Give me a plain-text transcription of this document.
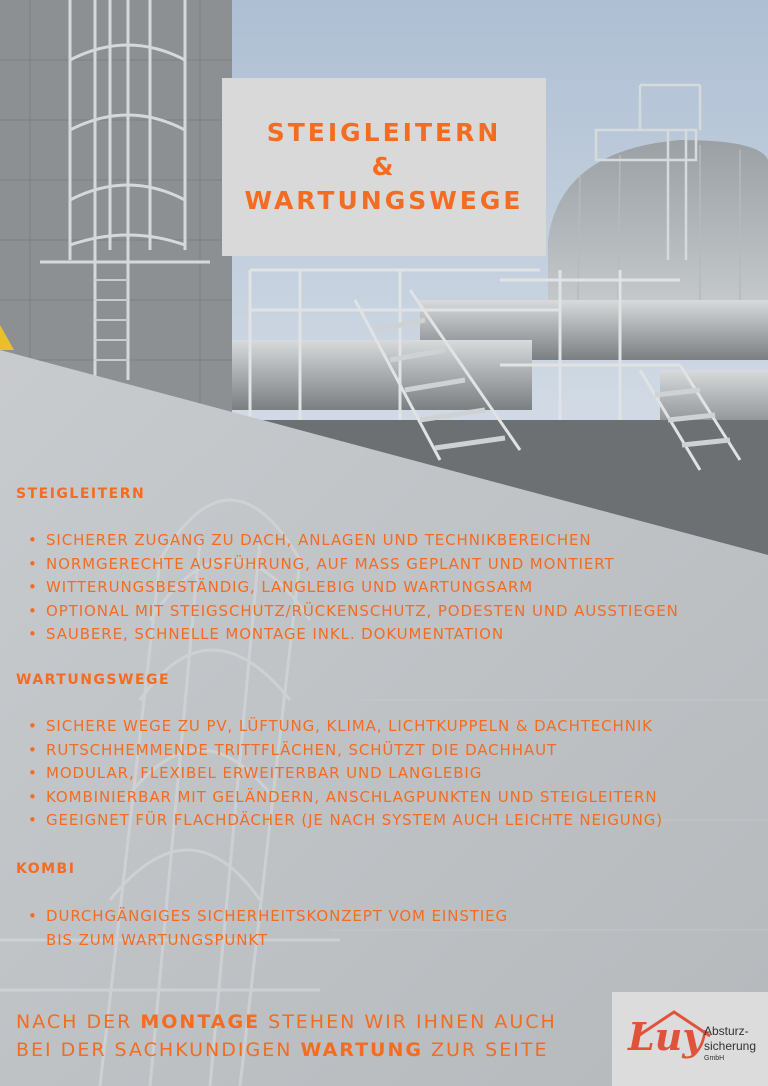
STEIGLEITERN
&
WARTUNGSWEGE
STEIGLEITERN
• SICHERER ZUGANG ZU DACH, ANLAGEN UND TECHNIKBEREICHEN
• NORMGERECHTE AUSFÜHRUNG, AUF MASS GEPLANT UND MONTIERT
• WITTERUNGSBESTÄNDIG, LANGLEBIG UND WARTUNGSARM
• OPTIONAL MIT STEIGSCHUTZ/RÜCKENSCHUTZ, PODESTEN UND AUSSTIEGEN
• SAUBERE, SCHNELLE MONTAGE INKL. DOKUMENTATION
WARTUNGSWEGE
• SICHERE WEGE ZU PV, LÜFTUNG, KLIMA, LICHTKUPPELN & DACHTECHNIK
• RUTSCHHEMMENDE TRITTFLÄCHEN, SCHÜTZT DIE DACHHAUT
• MODULAR, FLEXIBEL ERWEITERBAR UND LANGLEBIG
• KOMBINIERBAR MIT GELÄNDERN, ANSCHLAGPUNKTEN UND STEIGLEITERN
• GEEIGNET FÜR FLACHDÄCHER (JE NACH SYSTEM AUCH LEICHTE NEIGUNG)
KOMBI
• DURCHGÄNGIGES SICHERHEITSKONZEPT VOM EINSTIEG BIS ZUM WARTUNGSPUNKT
NACH DER MONTAGE STEHEN WIR IHNEN AUCH
BEI DER SACHKUNDIGEN WARTUNG ZUR SEITE Luy Absturz-
sicherung
GmbH
